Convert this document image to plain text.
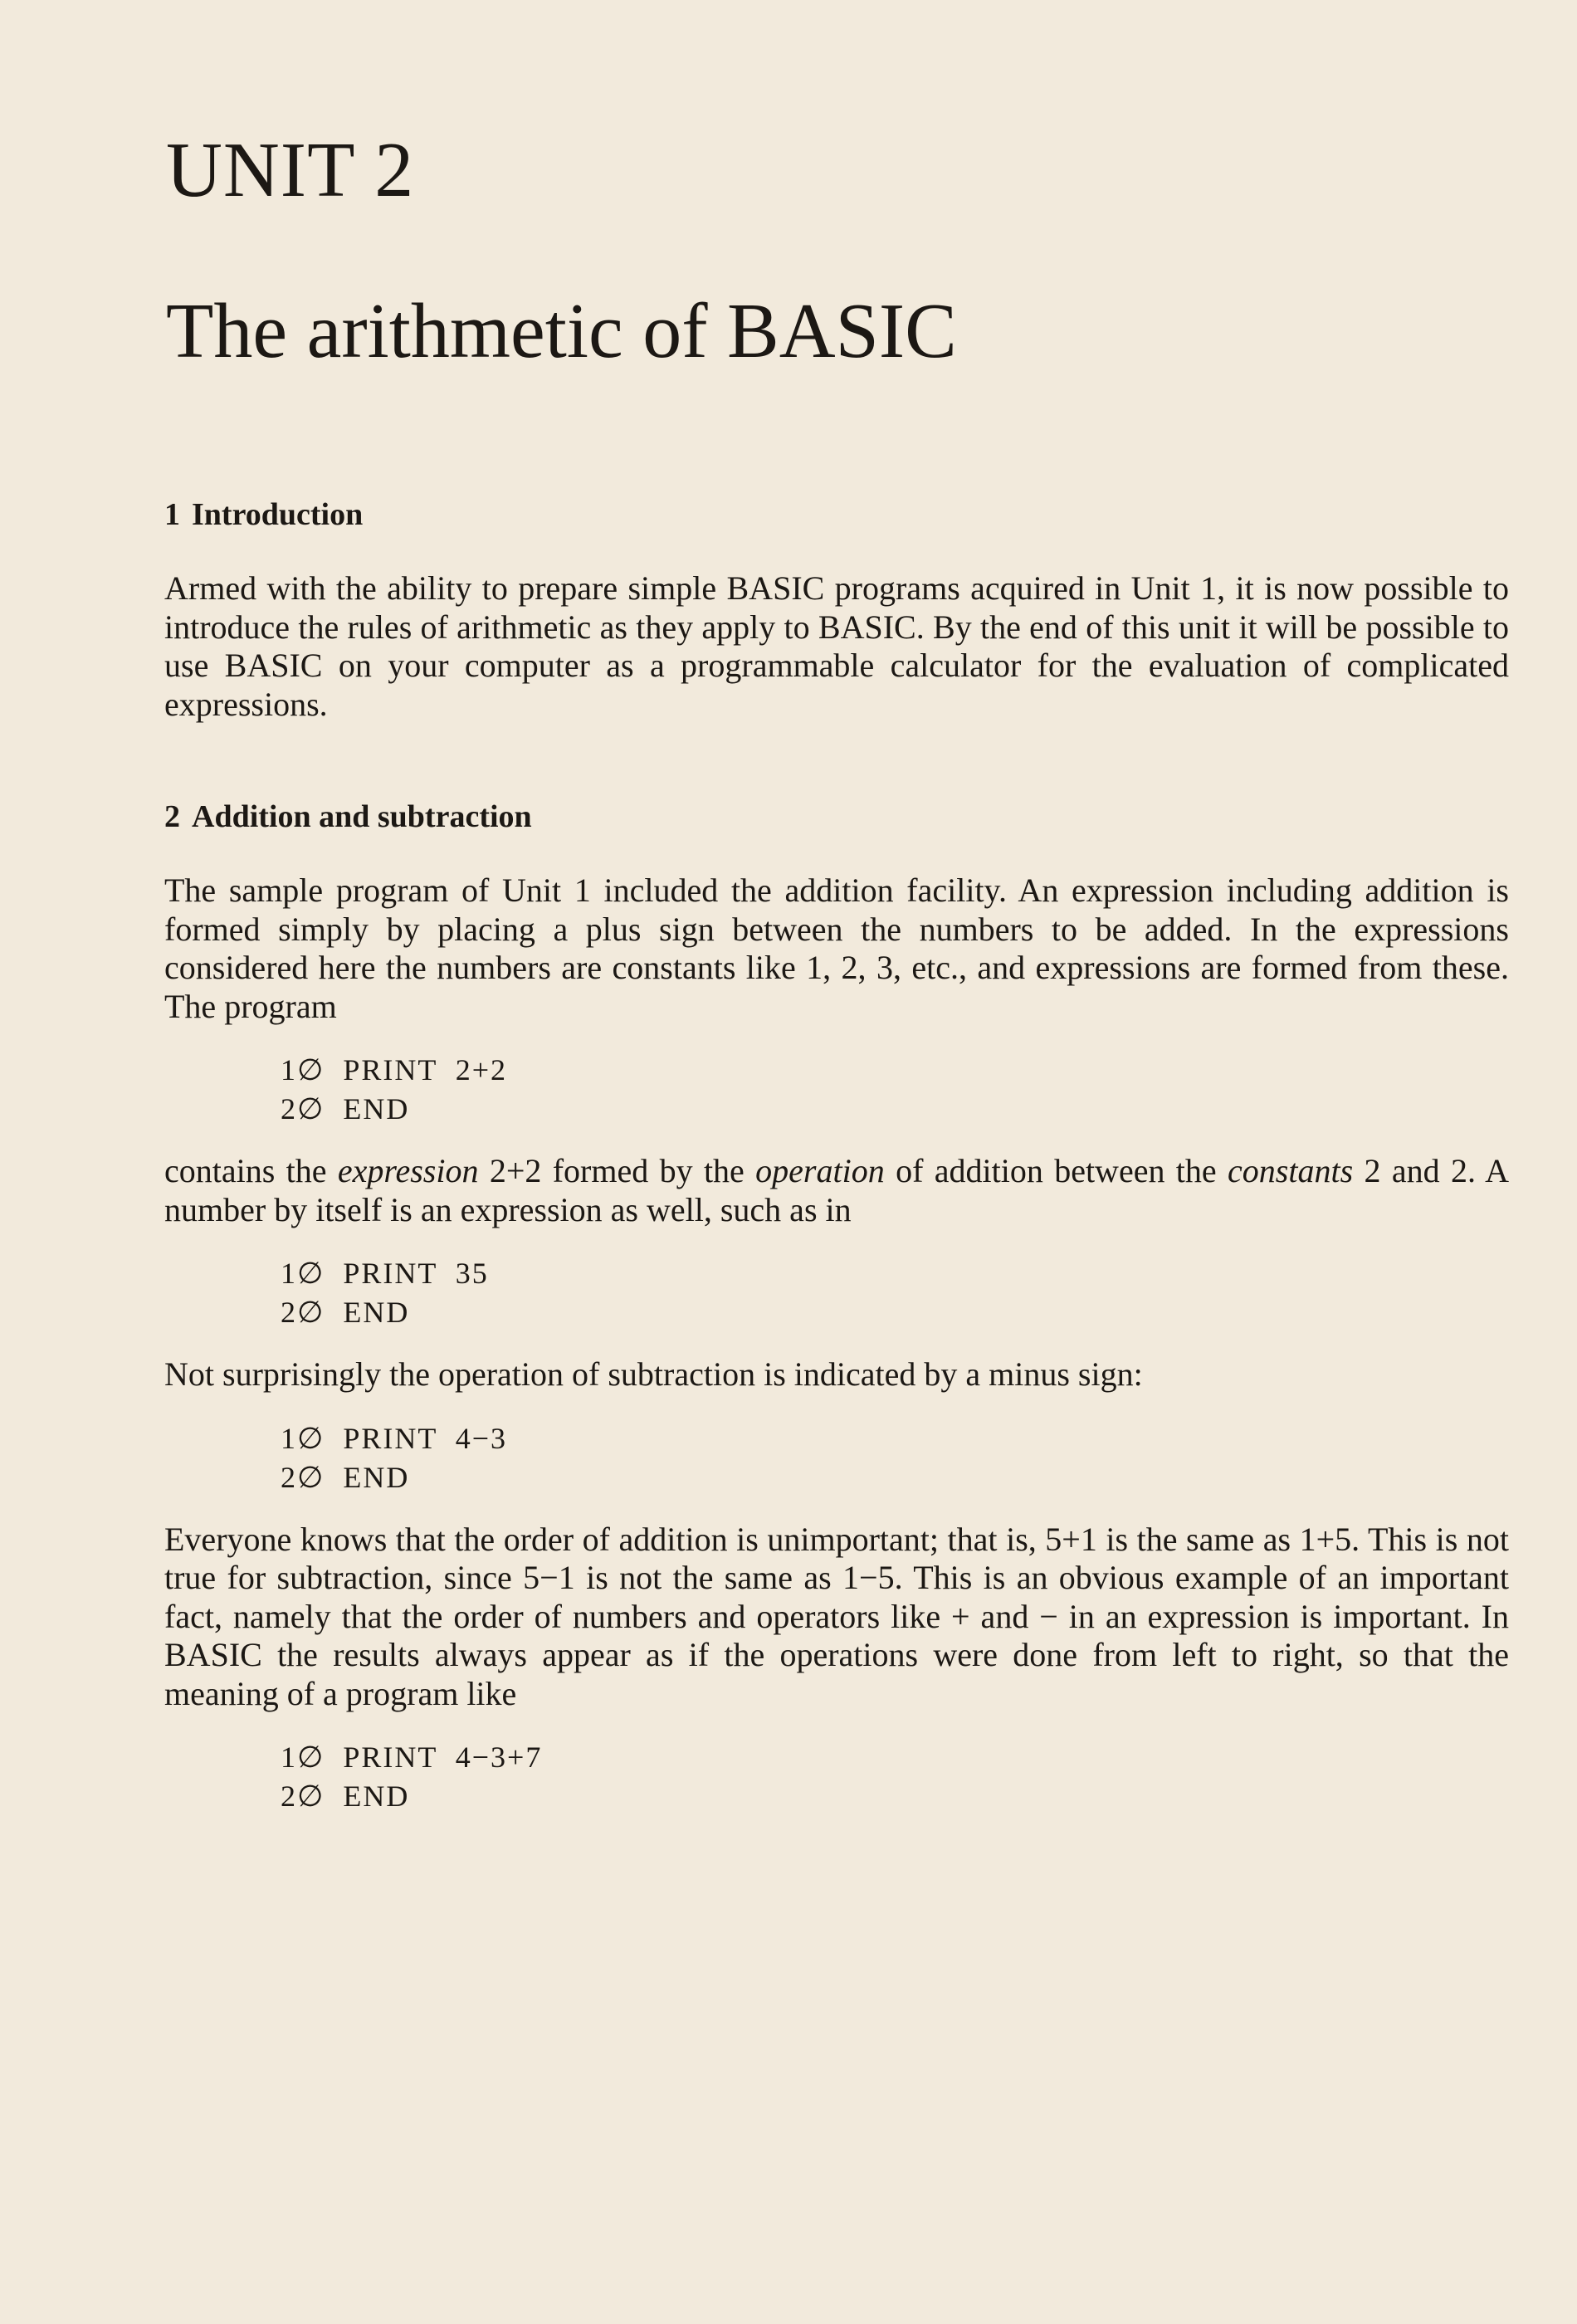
UNIT 2
The arithmetic of BASIC
1 Introduction

Armed with the ability to prepare simple BASIC programs acquired in Unit 1, it is now possible to introduce the rules of arithmetic as they apply to BASIC. By the end of this unit it will be possible to use BASIC on your computer as a programmable calculator for the evaluation of complicated expressions.

2 Addition and subtraction

The sample program of Unit 1 included the addition facility. An expression including addition is formed simply by placing a plus sign between the numbers to be added. In the expressions considered here the numbers are constants like 1, 2, 3, etc., and expressions are formed from these. The program

1∅  PRINT  2+2
2∅  END

contains the expression 2+2 formed by the operation of addition between the constants 2 and 2. A number by itself is an expression as well, such as in

1∅  PRINT  35
2∅  END

Not surprisingly the operation of subtraction is indicated by a minus sign:

1∅  PRINT  4−3
2∅  END

Everyone knows that the order of addition is unimportant; that is, 5+1 is the same as 1+5. This is not true for subtraction, since 5−1 is not the same as 1−5. This is an obvious example of an important fact, namely that the order of numbers and operators like + and − in an expression is important. In BASIC the results always appear as if the operations were done from left to right, so that the meaning of a program like

1∅  PRINT  4−3+7
2∅  END
